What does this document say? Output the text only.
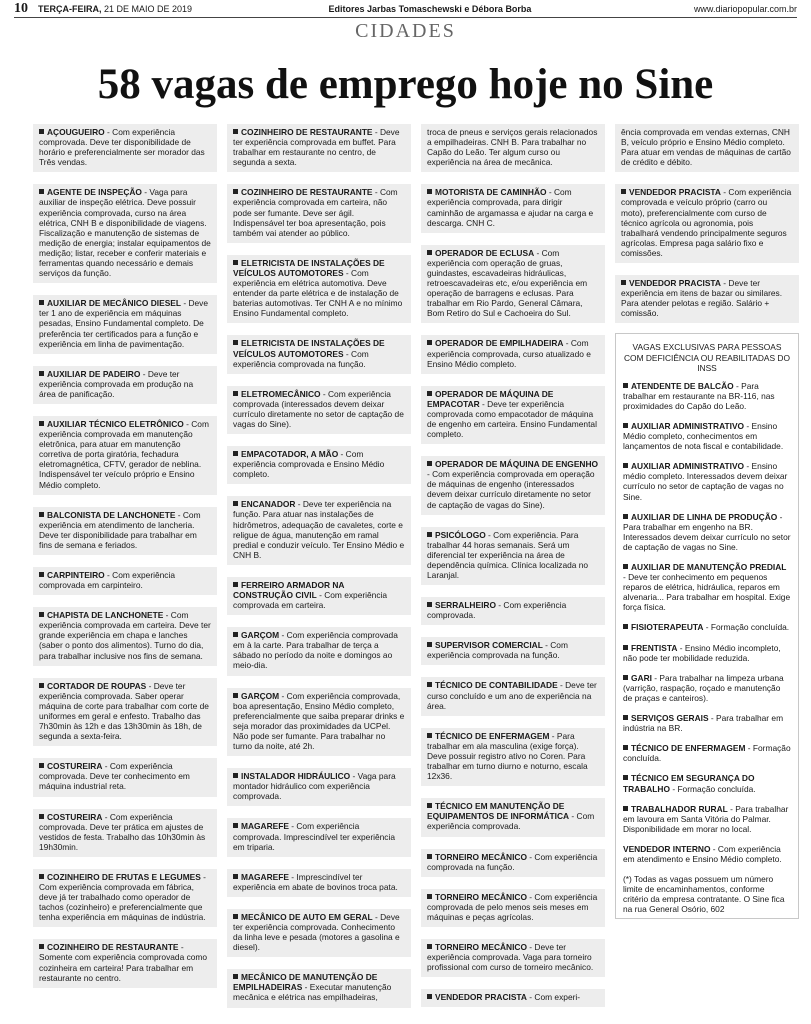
10 TERÇA-FEIRA, 21 DE MAIO DE 2019	Editores Jarbas Tomaschewski e Débora Borba	www.diariopopular.com.br
CIDADES
58 vagas de emprego hoje no Sine
AÇOUGUEIRO - Com experiência comprovada. Deve ter disponibilidade de horário e preferencialmente ser morador das Três vendas.
AGENTE DE INSPEÇÃO - Vaga para auxiliar de inspeção elétrica. Deve possuir experiência comprovada, curso na área elétrica, CNH B e disponibilidade de viagens. Fiscalização e manutenção de sistemas de medição de energia; instalar equipamentos de medição; listar, receber e conferir materiais e ferramentas quando necessário e demais serviços da função.
AUXILIAR DE MECÂNICO DIESEL - Deve ter 1 ano de experiência em máquinas pesadas, Ensino Fundamental completo. De preferência ter certificados para a função e experiência em linha de pavimentação.
AUXILIAR DE PADEIRO - Deve ter experiência comprovada em produção na área de panificação.
AUXILIAR TÉCNICO ELETRÔNICO - Com experiência comprovada em manutenção eletrônica, para atuar em manutenção corretiva de porta giratória, fechadura eletromagnética, CFTV, gerador de neblina. Indispensável ter veículo próprio e Ensino Médio completo.
BALCONISTA DE LANCHONETE - Com experiência em atendimento de lancheria. Deve ter disponibilidade para trabalhar em fins de semana e feriados.
CARPINTEIRO - Com experiência comprovada em carpinteiro.
CHAPISTA DE LANCHONETE - Com experiência comprovada em carteira. Deve ter grande experiência em chapa e lanches (saber o ponto dos alimentos). Turno do dia, para trabalhar inclusive nos fins de semana.
CORTADOR DE ROUPAS - Deve ter experiência comprovada. Saber operar máquina de corte para trabalhar com corte de uniformes em geral e enfesto. Trabalho das 7h30min às 12h e das 13h30min às 18h, de segunda a sexta-feira.
COSTUREIRA - Com experiência comprovada. Deve ter conhecimento em máquina industrial reta.
COSTUREIRA - Com experiência comprovada. Deve ter prática em ajustes de vestidos de festa. Trabalho das 10h30min às 19h30min.
COZINHEIRO DE FRUTAS E LEGUMES - Com experiência comprovada em fábrica, deve já ter trabalhado como operador de tachos (cozinheiro) e preferencialmente que tenha experiência em máquinas de indústria.
COZINHEIRO DE RESTAURANTE - Somente com experiência comprovada como cozinheira em carteira! Para trabalhar em restaurante no centro.
COZINHEIRO DE RESTAURANTE - Deve ter experiência comprovada em buffet. Para trabalhar em restaurante no centro, de segunda a sexta.
COZINHEIRO DE RESTAURANTE - Com experiência comprovada em carteira, não pode ser fumante. Deve ser ágil. Indispensável ter boa apresentação, pois também vai atender ao público.
ELETRICISTA DE INSTALAÇÕES DE VEÍCULOS AUTOMOTORES - Com experiência em elétrica automotiva. Deve entender da parte elétrica e de instalação de baterias automotivas. Ter CNH A e no mínimo Ensino Fundamental completo.
ELETRICISTA DE INSTALAÇÕES DE VEÍCULOS AUTOMOTORES - Com experiência comprovada na função.
ELETROMECÂNICO - Com experiência comprovada (interessados devem deixar currículo diretamente no setor de captação de vagas do Sine).
EMPACOTADOR, A MÃO - Com experiência comprovada e Ensino Médio completo.
ENCANADOR - Deve ter experiência na função. Para atuar nas instalações de hidrômetros, adequação de cavaletes, corte e religue de água, manutenção em ramal predial e conduzir veículo. Ter Ensino Médio e CNH B.
FERREIRO ARMADOR NA CONSTRUÇÃO CIVIL - Com experiência comprovada em carteira.
GARÇOM - Com experiência comprovada em à la carte. Para trabalhar de terça a sábado no período da noite e domingos ao meio-dia.
GARÇOM - Com experiência comprovada, boa apresentação, Ensino Médio completo, preferencialmente que saiba preparar drinks e seja morador das proximidades da UCPel. Não pode ser fumante. Para trabalhar no turno da noite, até 2h.
INSTALADOR HIDRÁULICO - Vaga para montador hidráulico com experiência comprovada.
MAGAREFE - Com experiência comprovada. Imprescindível ter experiência em triparia.
MAGAREFE - Imprescindível ter experiência em abate de bovinos troca pata.
MECÂNICO DE AUTO EM GERAL - Deve ter experiência comprovada. Conhecimento da linha leve e pesada (motores a gasolina e diesel).
MECÂNICO DE MANUTENÇÃO DE EMPILHADEIRAS - Executar manutenção mecânica e elétrica nas empilhadeiras,
troca de pneus e serviços gerais relacionados a empilhadeiras. CNH B. Para trabalhar no Capão do Leão. Ter algum curso ou experiência na área de mecânica.
MOTORISTA DE CAMINHÃO - Com experiência comprovada, para dirigir caminhão de argamassa e ajudar na carga e descarga. CNH C.
OPERADOR DE ECLUSA - Com experiência com operação de gruas, guindastes, escavadeiras hidráulicas, retroescavadeiras etc, e/ou experiência em operação de barragens e eclusas. Para trabalhar em Rio Pardo, General Câmara, Bom Retiro do Sul e Cachoeira do Sul.
OPERADOR DE EMPILHADEIRA - Com experiência comprovada, curso atualizado e Ensino Médio completo.
OPERADOR DE MÁQUINA DE EMPACOTAR - Deve ter experiência comprovada como empacotador de máquina de engenho em carteira. Ensino Fundamental completo.
OPERADOR DE MÁQUINA DE ENGENHO - Com experiência comprovada em operação de máquinas de engenho (interessados devem deixar currículo diretamente no setor de captação de vagas do Sine).
PSICÓLOGO - Com experiência. Para trabalhar 44 horas semanais. Será um diferencial ter experiência na área de dependência química. Clínica localizada no Laranjal.
SERRALHEIRO - Com experiência comprovada.
SUPERVISOR COMERCIAL - Com experiência comprovada na função.
TÉCNICO DE CONTABILIDADE - Deve ter curso concluído e um ano de experiência na área.
TÉCNICO DE ENFERMAGEM - Para trabalhar em ala masculina (exige força). Deve possuir registro ativo no Coren. Para trabalhar em turno diurno e noturno, escala 12x36.
TÉCNICO EM MANUTENÇÃO DE EQUIPAMENTOS DE INFORMÁTICA - Com experiência comprovada.
TORNEIRO MECÂNICO - Com experiência comprovada na função.
TORNEIRO MECÂNICO - Com experiência comprovada de pelo menos seis meses em máquinas e peças agrícolas.
TORNEIRO MECÂNICO - Deve ter experiência comprovada. Vaga para torneiro profissional com curso de torneiro mecânico.
VENDEDOR PRACISTA - Com experi-
ência comprovada em vendas externas, CNH B, veículo próprio e Ensino Médio completo. Para atuar em vendas de máquinas de cartão de crédito e débito.
VENDEDOR PRACISTA - Com experiência comprovada e veículo próprio (carro ou moto), preferencialmente com curso de técnico agrícola ou agronomia, pois trabalhará vendendo principalmente seguros agrícolas. Empresa paga salário fixo e comissões.
VENDEDOR PRACISTA - Deve ter experiência em itens de bazar ou similares. Para atender pelotas e região. Salário + comissão.
VAGAS EXCLUSIVAS PARA PESSOAS COM DEFICIÊNCIA OU REABILITADAS DO INSS
ATENDENTE DE BALCÃO - Para trabalhar em restaurante na BR-116, nas proximidades do Capão do Leão.
AUXILIAR ADMINISTRATIVO - Ensino Médio completo, conhecimentos em lançamentos de nota fiscal e contabilidade.
AUXILIAR ADMINISTRATIVO - Ensino médio completo. Interessados devem deixar currículo no setor de captação de vagas no Sine.
AUXILIAR DE LINHA DE PRODUÇÃO - Para trabalhar em engenho na BR. Interessados devem deixar currículo no setor de captação de vagas no Sine.
AUXILIAR DE MANUTENÇÃO PREDIAL - Deve ter conhecimento em pequenos reparos de elétrica, hidráulica, reparos em alvenaria... Para trabalhar em hospital. Exige força física.
FISIOTERAPEUTA - Formação concluída.
FRENTISTA - Ensino Médio incompleto, não pode ter mobilidade reduzida.
GARI - Para trabalhar na limpeza urbana (varrição, raspação, roçado e manutenção de praças e canteiros).
SERVIÇOS GERAIS - Para trabalhar em indústria na BR.
TÉCNICO DE ENFERMAGEM - Formação concluída.
TÉCNICO EM SEGURANÇA DO TRABALHO - Formação concluída.
TRABALHADOR RURAL - Para trabalhar em lavoura em Santa Vitória do Palmar. Disponibilidade em morar no local.
VENDEDOR INTERNO - Com experiência em atendimento e Ensino Médio completo.
(*) Todas as vagas possuem um número limite de encaminhamentos, conforme critério da empresa contratante. O Sine fica na rua General Osório, 602
